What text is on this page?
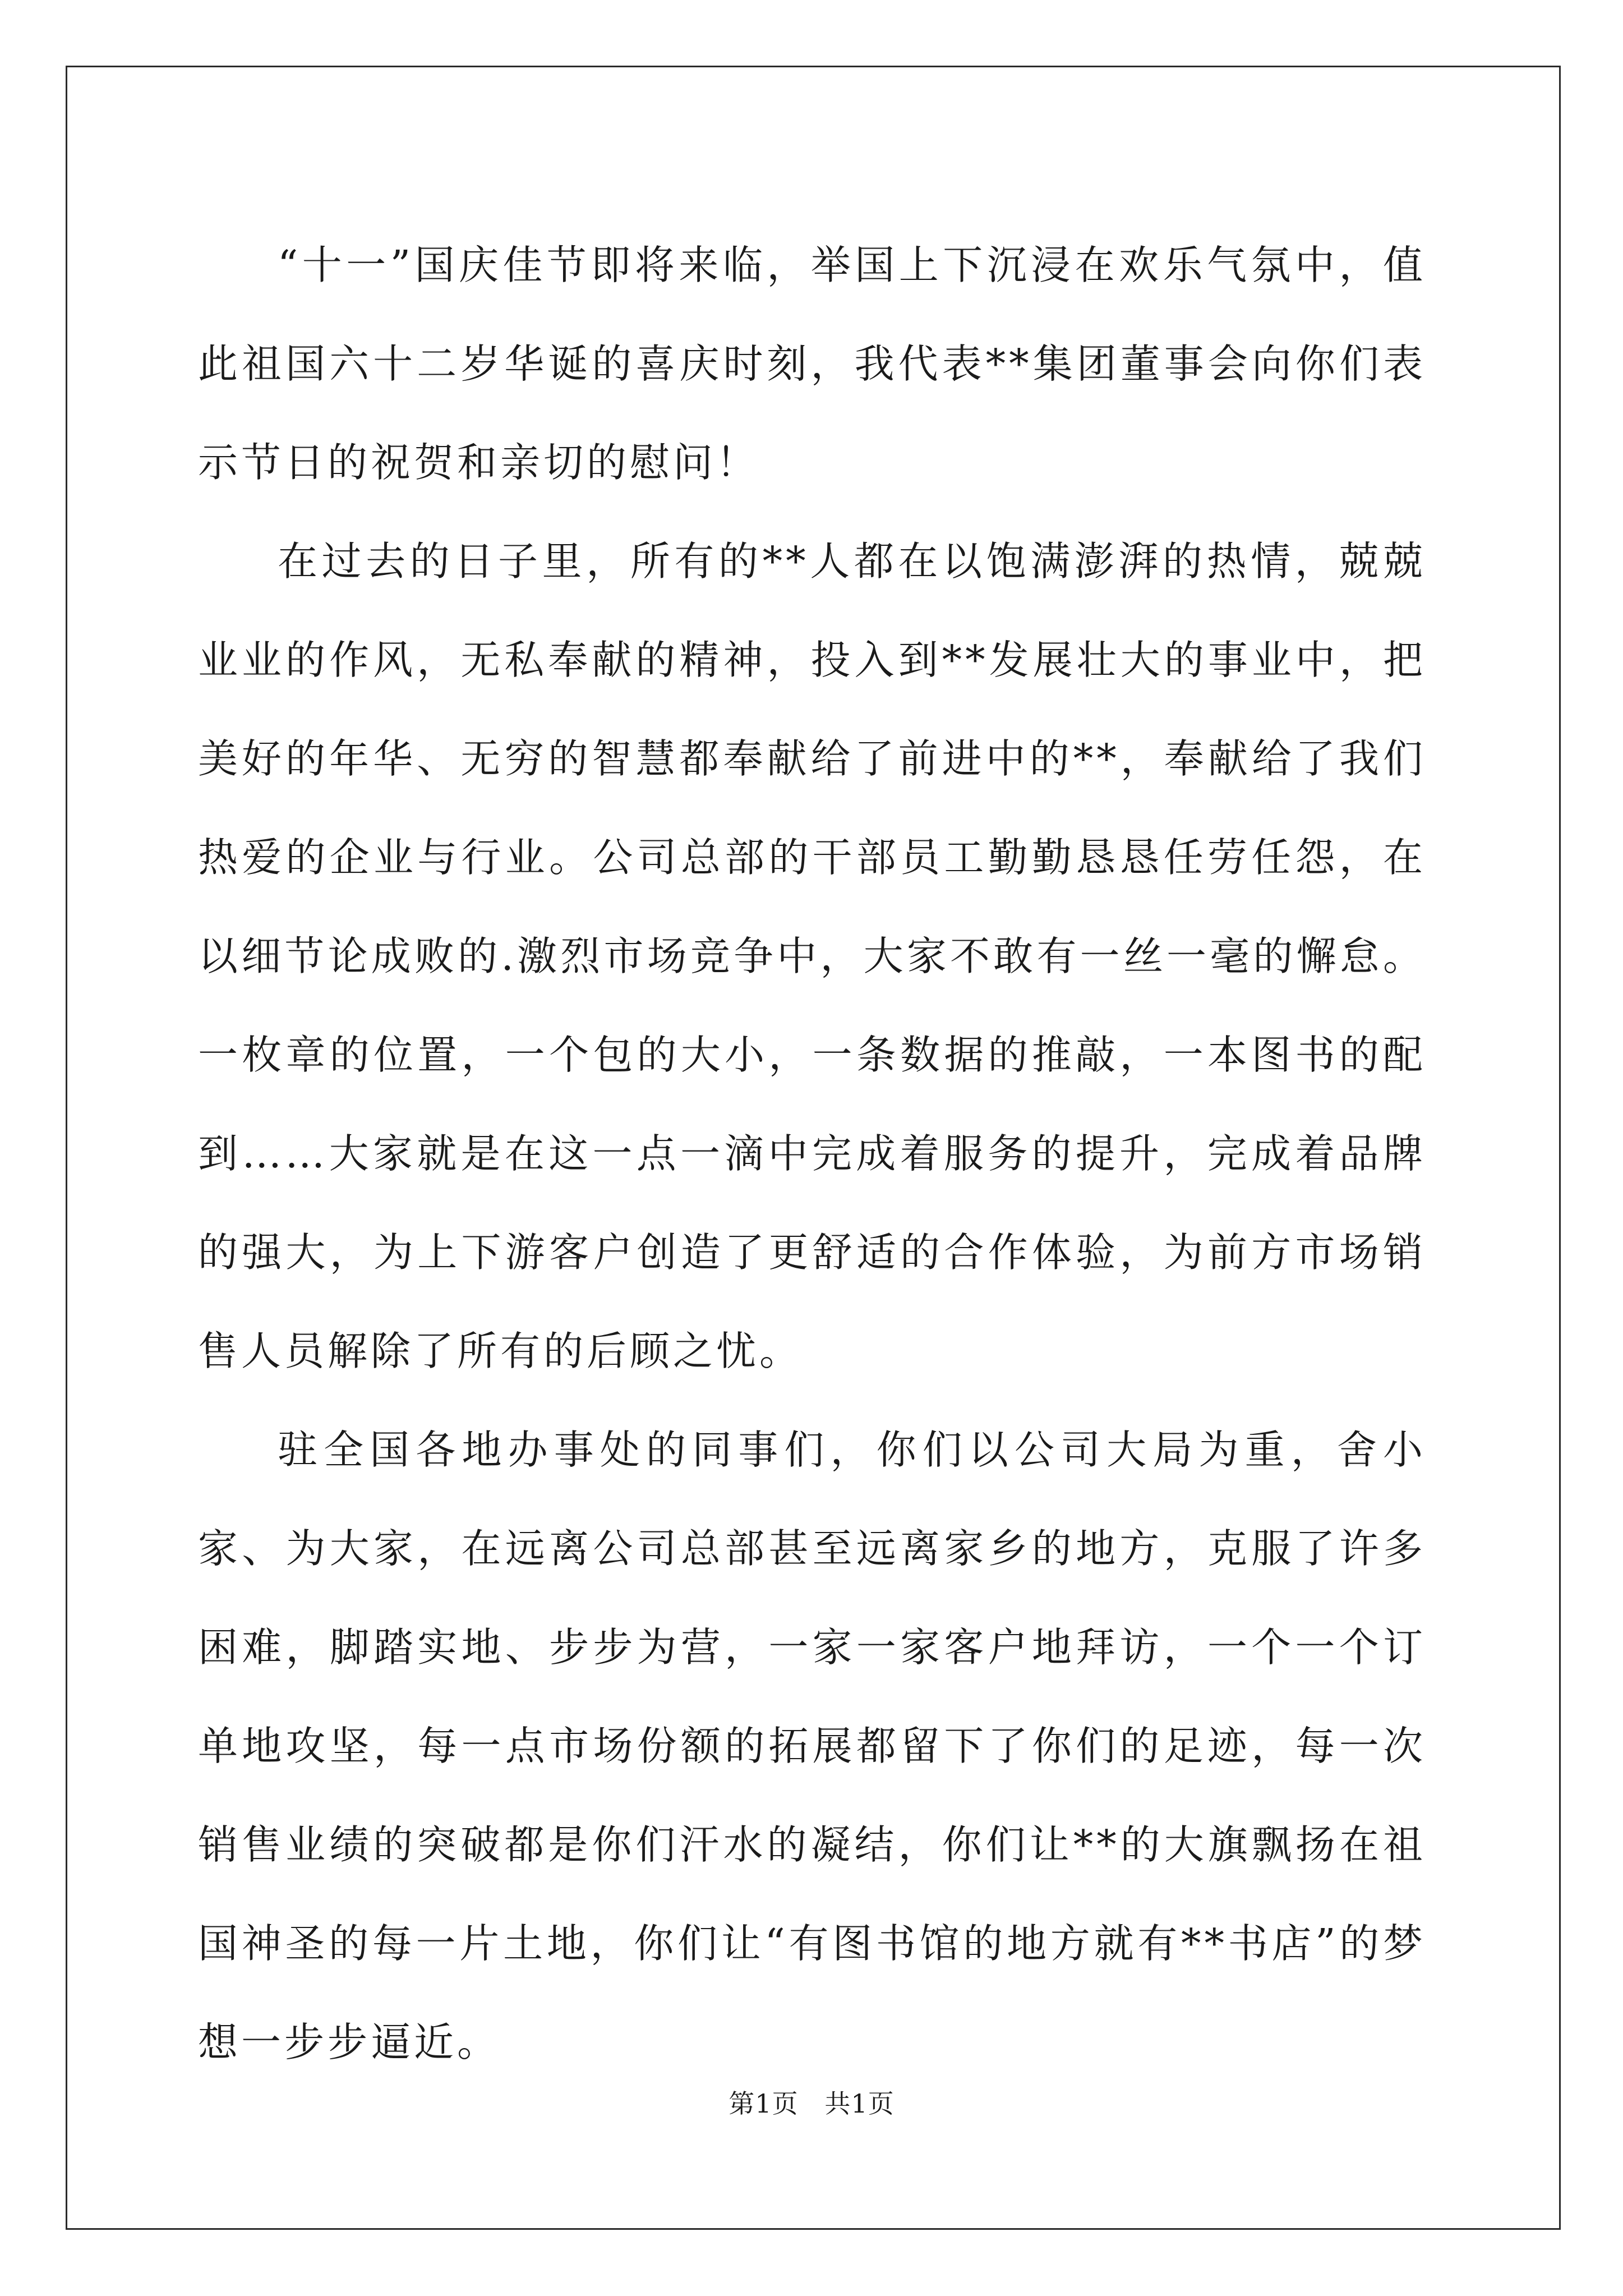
“十一”国庆佳节即将来临，举国上下沉浸在欢乐气氛中，值此祖国六十二岁华诞的喜庆时刻，我代表**集团董事会向你们表示节日的祝贺和亲切的慰问！

在过去的日子里，所有的**人都在以饱满澎湃的热情，兢兢业业的作风，无私奉献的精神，投入到**发展壮大的事业中，把美好的年华、无穷的智慧都奉献给了前进中的**，奉献给了我们热爱的企业与行业。公司总部的干部员工勤勤恳恳任劳任怨，在以细节论成败的.激烈市场竞争中，大家不敢有一丝一毫的懈怠。一枚章的位置，一个包的大小，一条数据的推敲，一本图书的配到……大家就是在这一点一滴中完成着服务的提升，完成着品牌的强大，为上下游客户创造了更舒适的合作体验，为前方市场销售人员解除了所有的后顾之忧。

驻全国各地办事处的同事们，你们以公司大局为重，舍小家、为大家，在远离公司总部甚至远离家乡的地方，克服了许多困难，脚踏实地、步步为营，一家一家客户地拜访，一个一个订单地攻坚，每一点市场份额的拓展都留下了你们的足迹，每一次销售业绩的突破都是你们汗水的凝结，你们让**的大旗飘扬在祖国神圣的每一片土地，你们让“有图书馆的地方就有**书店”的梦想一步步逼近。

第1页   共1页
